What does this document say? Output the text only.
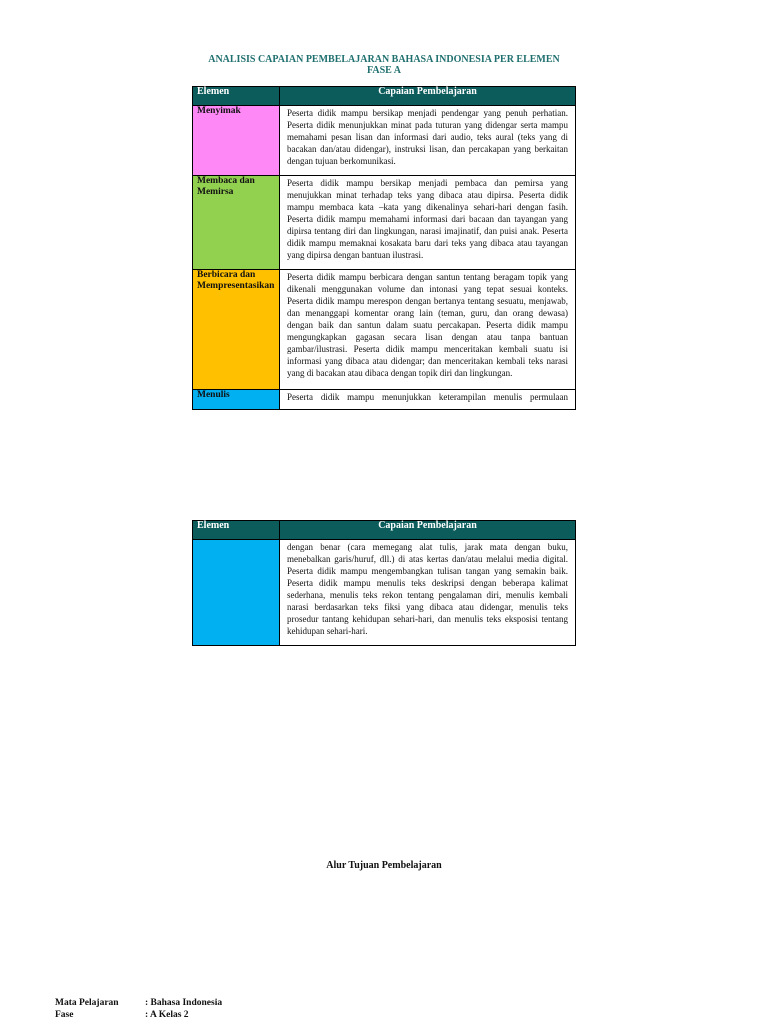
ANALISIS CAPAIAN PEMBELAJARAN BAHASA INDONESIA PER ELEMEN
FASE A
Elemen	Capaian Pembelajaran
Menyimak	Peserta didik mampu bersikap menjadi pendengar yang penuh perhatian. Peserta didik menunjukkan minat pada tuturan yang didengar serta mampu memahami pesan lisan dan informasi dari audio, teks aural (teks yang di bacakan dan/atau didengar), instruksi lisan, dan percakapan yang berkaitan dengan tujuan berkomunikasi.
Membaca dan Memirsa	Peserta didik mampu bersikap menjadi pembaca dan pemirsa yang menujukkan minat terhadap teks yang dibaca atau dipirsa. Peserta didik mampu membaca kata –kata yang dikenalinya sehari-hari dengan fasih. Peserta didik mampu memahami informasi dari bacaan dan tayangan yang dipirsa tentang diri dan lingkungan, narasi imajinatif, dan puisi anak. Peserta didik mampu memaknai kosakata baru dari teks yang dibaca atau tayangan yang dipirsa dengan bantuan ilustrasi.
Berbicara dan Mempresentasikan	Peserta didik mampu berbicara dengan santun tentang beragam topik yang dikenali menggunakan volume dan intonasi yang tepat sesuai konteks. Peserta didik mampu merespon dengan bertanya tentang sesuatu, menjawab, dan menanggapi komentar orang lain (teman, guru, dan orang dewasa) dengan baik dan santun dalam suatu percakapan. Peserta didik mampu mengungkapkan gagasan secara lisan dengan atau tanpa bantuan gambar/ilustrasi. Peserta didik mampu menceritakan kembali suatu isi informasi yang dibaca atau didengar; dan menceritakan kembali teks narasi yang di bacakan atau dibaca dengan topik diri dan lingkungan.
Menulis	Peserta didik mampu menunjukkan keterampilan menulis permulaan
Elemen	Capaian Pembelajaran
	dengan benar (cara memegang alat tulis, jarak mata dengan buku, menebalkan garis/huruf, dll.) di atas kertas dan/atau melalui media digital. Peserta didik mampu mengembangkan tulisan tangan yang semakin baik. Peserta didik mampu menulis teks deskripsi dengan beberapa kalimat sederhana, menulis teks rekon tentang pengalaman diri, menulis kembali narasi berdasarkan teks fiksi yang dibaca atau didengar, menulis teks prosedur tantang kehidupan sehari-hari, dan menulis teks eksposisi tentang kehidupan sehari-hari.
Alur Tujuan Pembelajaran
Mata Pelajaran	: Bahasa Indonesia
Fase	: A Kelas 2
